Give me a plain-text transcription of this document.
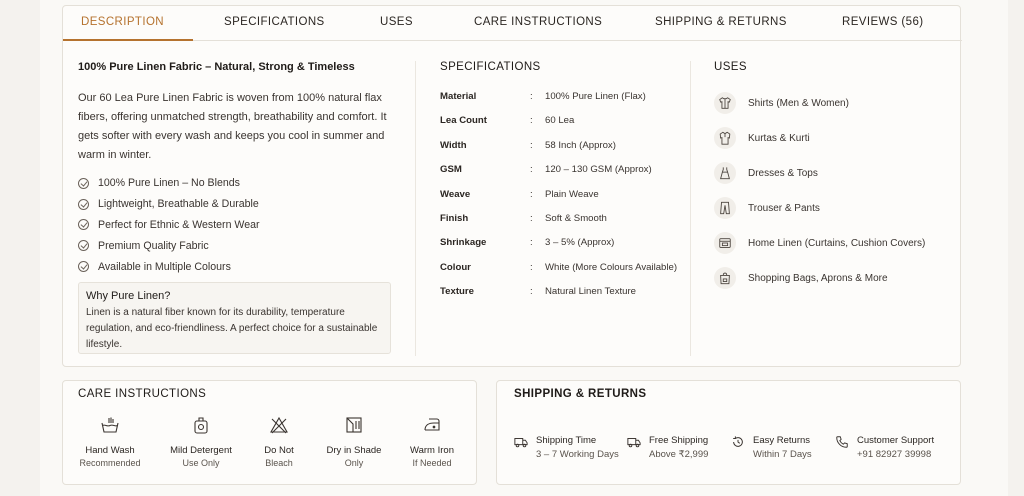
DESCRIPTION	SPECIFICATIONS	USES	CARE INSTRUCTIONS	SHIPPING & RETURNS	REVIEWS (56)
100% Pure Linen Fabric – Natural, Strong & Timeless
Our 60 Lea Pure Linen Fabric is woven from 100% natural flax fibers, offering unmatched strength, breathability and comfort. It gets softer with every wash and keeps you cool in summer and warm in winter.
100% Pure Linen – No Blends
Lightweight, Breathable & Durable
Perfect for Ethnic & Western Wear
Premium Quality Fabric
Available in Multiple Colours
Why Pure Linen?
Linen is a natural fiber known for its durability, temperature regulation, and eco-friendliness. A perfect choice for a sustainable lifestyle.
SPECIFICATIONS
Material	:	100% Pure Linen (Flax)
Lea Count	:	60 Lea
Width	:	58 Inch (Approx)
GSM	:	120 – 130 GSM (Approx)
Weave	:	Plain Weave
Finish	:	Soft & Smooth
Shrinkage	:	3 – 5% (Approx)
Colour	:	White (More Colours Available)
Texture	:	Natural Linen Texture
USES
Shirts (Men & Women)
Kurtas & Kurti
Dresses & Tops
Trouser & Pants
Home Linen (Curtains, Cushion Covers)
Shopping Bags, Aprons & More
CARE INSTRUCTIONS
Hand Wash
Recommended
Mild Detergent
Use Only
Do Not
Bleach
Dry in Shade
Only
Warm Iron
If Needed
SHIPPING & RETURNS
Shipping Time
3 – 7 Working Days
Free Shipping
Above ₹2,999
Easy Returns
Within 7 Days
Customer Support
+91 82927 39998
